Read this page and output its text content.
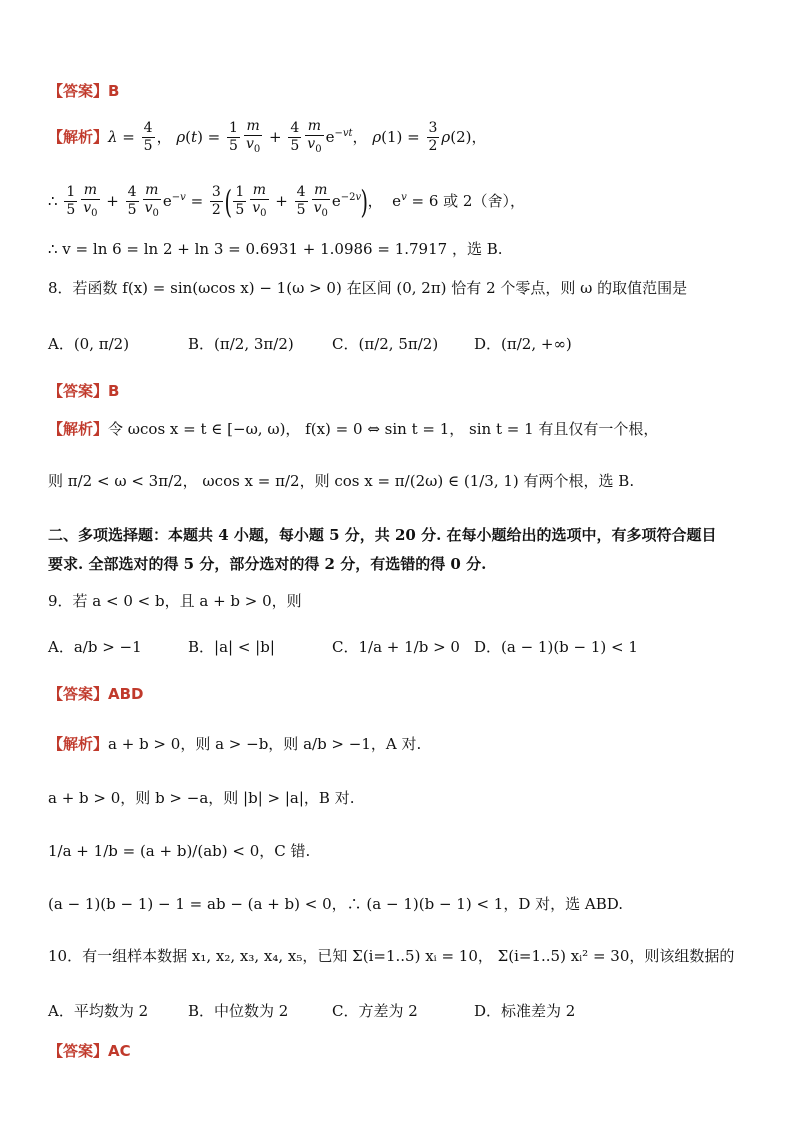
【答案】B
【解析】$\lambda = \frac{4}{5}$ ， $\rho(t) = \frac{1}{5} \frac{m}{v_0} + \frac{4}{5} \frac{m}{v_0} e^{-vt}$， $\rho(1) = \frac{3}{2} \rho(2)$，
∴ $\frac{1}{5} \frac{m}{v_0} + \frac{4}{5} \frac{m}{v_0} e^{-v} = \frac{3}{2}$ ( $\frac{1}{5} \frac{m}{v_0} + \frac{4}{5} \frac{m}{v_0} e^{-2v}$)，  $e^v = 6$ 或 2（舍），
∴ v = ln 6 = ln 2 + ln 3 = 0.6931 + 1.0986 = 1.7917 ，选 B.
8．若函数 f(x) = sin(ωcos x) − 1(ω > 0) 在区间 (0, 2π) 恰有 2 个零点，则 ω 的取值范围是
A．(0, π/2)	B．(π/2, 3π/2)	C．(π/2, 5π/2) D．(π/2, +∞)
【答案】B
【解析】令 ωcos x = t ∈ [−ω, ω)， f(x) = 0 ⇔ sin t = 1， sin t = 1 有且仅有一个根，
则 π/2 < ω < 3π/2， ωcos x = π/2，则 cos x = π/(2ω) ∈ (1/3, 1) 有两个根，选 B.
二、多项选择题：本题共 4 小题，每小题 5 分，共 20 分. 在每小题给出的选项中，有多项符合题目
要求. 全部选对的得 5 分，部分选对的得 2 分，有选错的得 0 分.
9．若 a < 0 < b，且 a + b > 0，则
A．a/b > −1	B．|a| < |b|	C．1/a + 1/b > 0 D．(a − 1)(b − 1) < 1
【答案】ABD
【解析】a + b > 0，则 a > −b，则 a/b > −1，A 对.
a + b > 0，则 b > −a，则 |b| > |a|，B 对.
1/a + 1/b = (a + b)/(ab) < 0，C 错.
(a − 1)(b − 1) − 1 = ab − (a + b) < 0，∴ (a − 1)(b − 1) < 1，D 对，选 ABD.
10．有一组样本数据 x₁, x₂, x₃, x₄, x₅，已知 Σ(i=1..5) xᵢ = 10， Σ(i=1..5) xᵢ² = 30，则该组数据的
A．平均数为 2	B．中位数为 2	C．方差为 2	D．标准差为 2
【答案】AC
